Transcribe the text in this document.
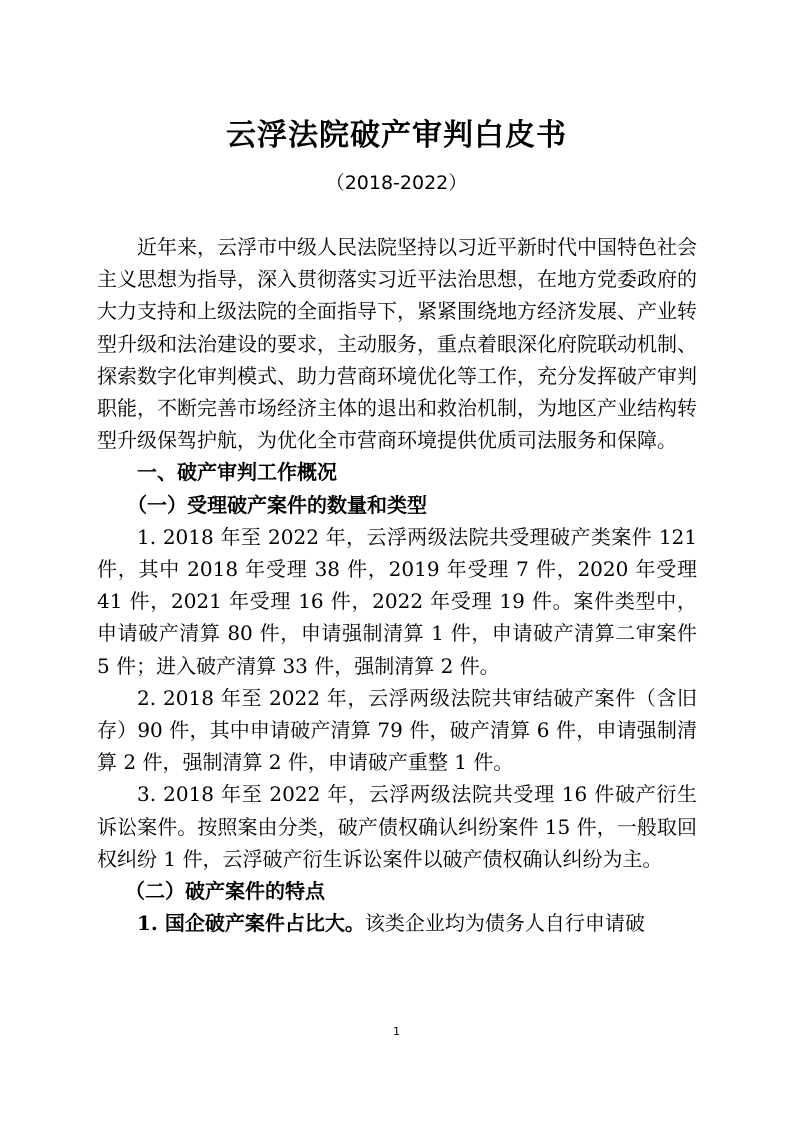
云浮法院破产审判白皮书
（2018-2022）

近年来，云浮市中级人民法院坚持以习近平新时代中国特色社会主义思想为指导，深入贯彻落实习近平法治思想，在地方党委政府的大力支持和上级法院的全面指导下，紧紧围绕地方经济发展、产业转型升级和法治建设的要求，主动服务，重点着眼深化府院联动机制、探索数字化审判模式、助力营商环境优化等工作，充分发挥破产审判职能，不断完善市场经济主体的退出和救治机制，为地区产业结构转型升级保驾护航，为优化全市营商环境提供优质司法服务和保障。

一、破产审判工作概况

（一）受理破产案件的数量和类型

1. 2018 年至 2022 年，云浮两级法院共受理破产类案件 121 件，其中 2018 年受理 38 件，2019 年受理 7 件，2020 年受理 41 件，2021 年受理 16 件，2022 年受理 19 件。案件类型中，申请破产清算 80 件，申请强制清算 1 件，申请破产清算二审案件 5 件；进入破产清算 33 件，强制清算 2 件。

2. 2018 年至 2022 年，云浮两级法院共审结破产案件（含旧存）90 件，其中申请破产清算 79 件，破产清算 6 件，申请强制清算 2 件，强制清算 2 件，申请破产重整 1 件。

3. 2018 年至 2022 年，云浮两级法院共受理 16 件破产衍生诉讼案件。按照案由分类，破产债权确认纠纷案件 15 件，一般取回权纠纷 1 件，云浮破产衍生诉讼案件以破产债权确认纠纷为主。

（二）破产案件的特点

1. 国企破产案件占比大。该类企业均为债务人自行申请破

1
